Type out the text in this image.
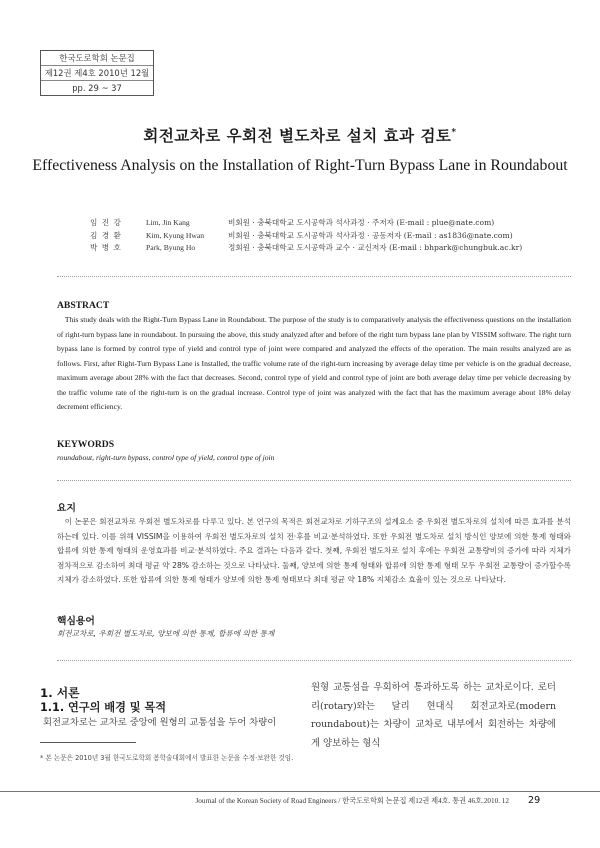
한국도로학회 논문집
제12권 제4호 2010년 12월
pp. 29 ~ 37
회전교차로 우회전 별도차로 설치 효과 검토*
Effectiveness Analysis on the Installation of Right-Turn Bypass Lane in Roundabout
임 진 강	Lim, Jin Kang	비회원 · 충북대학교 도시공학과 석사과정 · 주저자 (E-mail : plue@nate.com)
김 경 환	Kim, Kyung Hwan	비회원 · 충북대학교 도시공학과 석사과정 · 공동저자 (E-mail : as1836@nate.com)
박 병 호	Park, Byung Ho	정회원 · 충북대학교 도시공학과 교수 · 교신저자 (E-mail : bhpark@chungbuk.ac.kr)
ABSTRACT
This study deals with the Right-Turn Bypass Lane in Roundabout. The purpose of the study is to comparatively analysis the effectiveness questions on the installation of right-turn bypass lane in roundabout. In pursuing the above, this study analyzed after and before of the right turn bypass lane plan by VISSIM software. The right turn bypass lane is formed by control type of yield and control type of joint were compared and analyzed the effects of the operation. The main results analyzed are as follows. First, after Right-Turn Bypass Lane is Installed, the traffic volume rate of the right-turn increasing by average delay time per vehicle is on the gradual decrease, maximum average about 28% with the fact that decreases. Second, control type of yield and control type of joint are both average delay time per vehicle decreasing by the traffic volume rate of the right-turn is on the gradual increase. Control type of joint was analyzed with the fact that has the maximum average about 18% delay decrement efficiency.
KEYWORDS
roundabout, right-turn bypass, control type of yield, control type of join
요지
이 논문은 회전교차로 우회전 별도차로를 다루고 있다. 본 연구의 목적은 회전교차로 기하구조의 설계요소 중 우회전 별도차로의 설치에 따른 효과를 분석하는데 있다. 이를 위해 VISSIM을 이용하여 우회전 별도차로의 설치 전·후를 비교·분석하였다. 또한 우회전 별도차로 설치 방식인 양보에 의한 통제 형태와 합류에 의한 통제 형태의 운영효과를 비교·분석하였다. 주요 결과는 다음과 같다. 첫째, 우회전 별도차로 설치 후에는 우회전 교통량비의 증가에 따라 지체가 점차적으로 감소하여 최대 평균 약 28% 감소하는 것으로 나타났다. 둘째, 양보에 의한 통제 형태와 합류에 의한 통제 형태 모두 우회전 교통량이 증가할수록 지체가 감소하였다. 또한 합류에 의한 통제 형태가 양보에 의한 통제 형태보다 최대 평균 약 18% 지체감소 효율이 있는 것으로 나타났다.
핵심용어
회전교차로, 우회전 별도차로, 양보에 의한 통제, 합류에 의한 통제
1. 서론
1.1. 연구의 배경 및 목적
회전교차로는 교차로 중앙에 원형의 교통섬을 두어 차량이
원형 교통섬을 우회하여 통과하도록 하는 교차로이다. 로터리(rotary)와는 달리 현대식 회전교차로(modern roundabout)는 차량이 교차로 내부에서 회전하는 차량에게 양보하는 형식
* 본 논문은 2010년 3월 한국도로학회 봄학술대회에서 발표한 논문을 수정·보완한 것임.
Journal of the Korean Society of Road Engineers / 한국도로학회 논문집 제12권 제4호. 통권 46호.2010. 12 29
